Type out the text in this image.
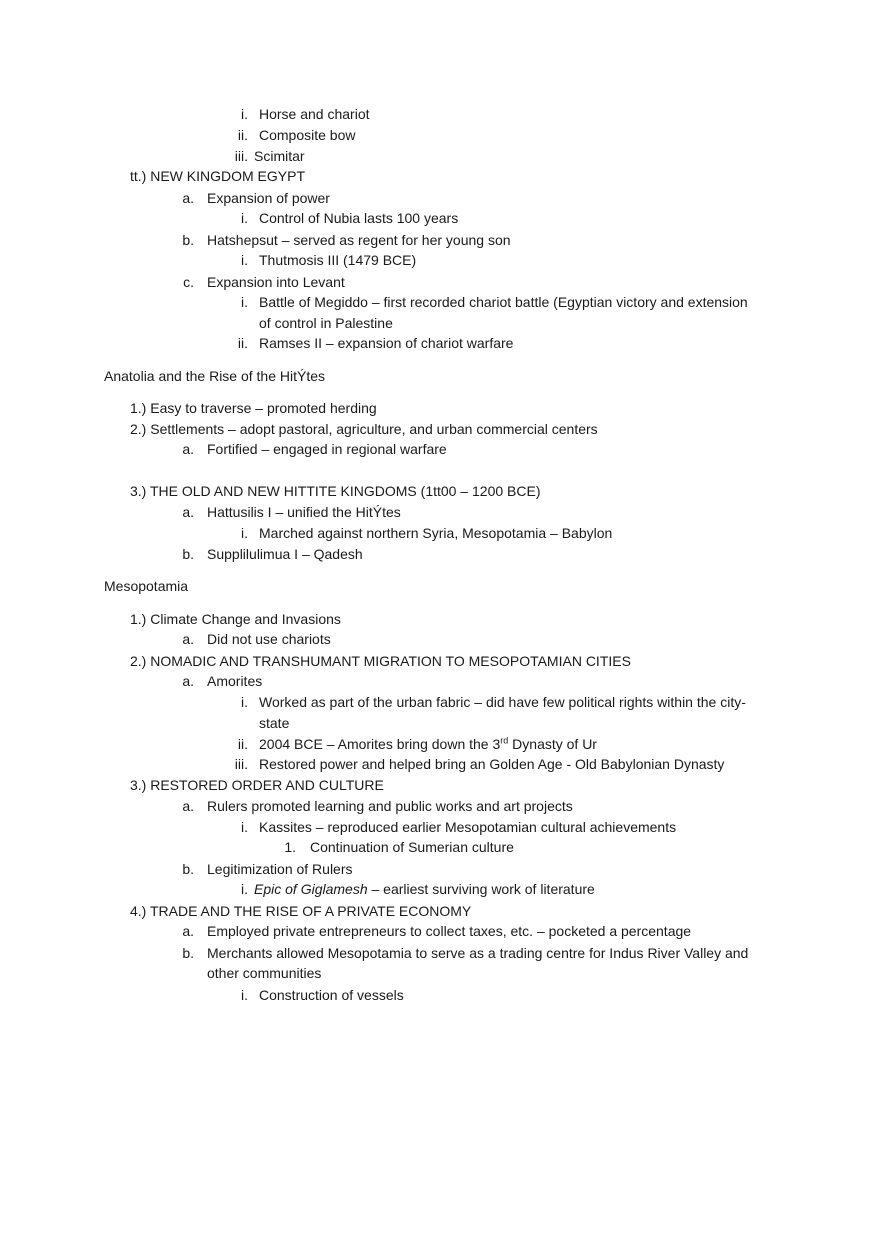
i. Horse and chariot
ii. Composite bow
iii. Scimitar
tt.) NEW KINGDOM EGYPT
a. Expansion of power
i. Control of Nubia lasts 100 years
b. Hatshepsut – served as regent for her young son
i. Thutmosis III (1479 BCE)
c. Expansion into Levant
i. Battle of Megiddo – first recorded chariot battle (Egyptian victory and extension
of control in Palestine
ii. Ramses II – expansion of chariot warfare
Anatolia and the Rise of the HitÝtes
1.) Easy to traverse – promoted herding
2.) Settlements – adopt pastoral, agriculture, and urban commercial centers
a. Fortified – engaged in regional warfare
3.) THE OLD AND NEW HITTITE KINGDOMS (1tt00 – 1200 BCE)
a. Hattusilis I – unified the HitÝtes
i. Marched against northern Syria, Mesopotamia – Babylon
b. Supplilulimua I – Qadesh
Mesopotamia
1.) Climate Change and Invasions
a. Did not use chariots
2.) NOMADIC AND TRANSHUMANT MIGRATION TO MESOPOTAMIAN CITIES
a. Amorites
i. Worked as part of the urban fabric – did have few political rights within the city-
state
ii. 2004 BCE – Amorites bring down the 3rd Dynasty of Ur
iii. Restored power and helped bring an Golden Age - Old Babylonian Dynasty
3.) RESTORED ORDER AND CULTURE
a. Rulers promoted learning and public works and art projects
i. Kassites – reproduced earlier Mesopotamian cultural achievements
1. Continuation of Sumerian culture
b. Legitimization of Rulers
i. Epic of Giglamesh – earliest surviving work of literature
4.) TRADE AND THE RISE OF A PRIVATE ECONOMY
a. Employed private entrepreneurs to collect taxes, etc. – pocketed a percentage
b. Merchants allowed Mesopotamia to serve as a trading centre for Indus River Valley and
other communities
i. Construction of vessels
